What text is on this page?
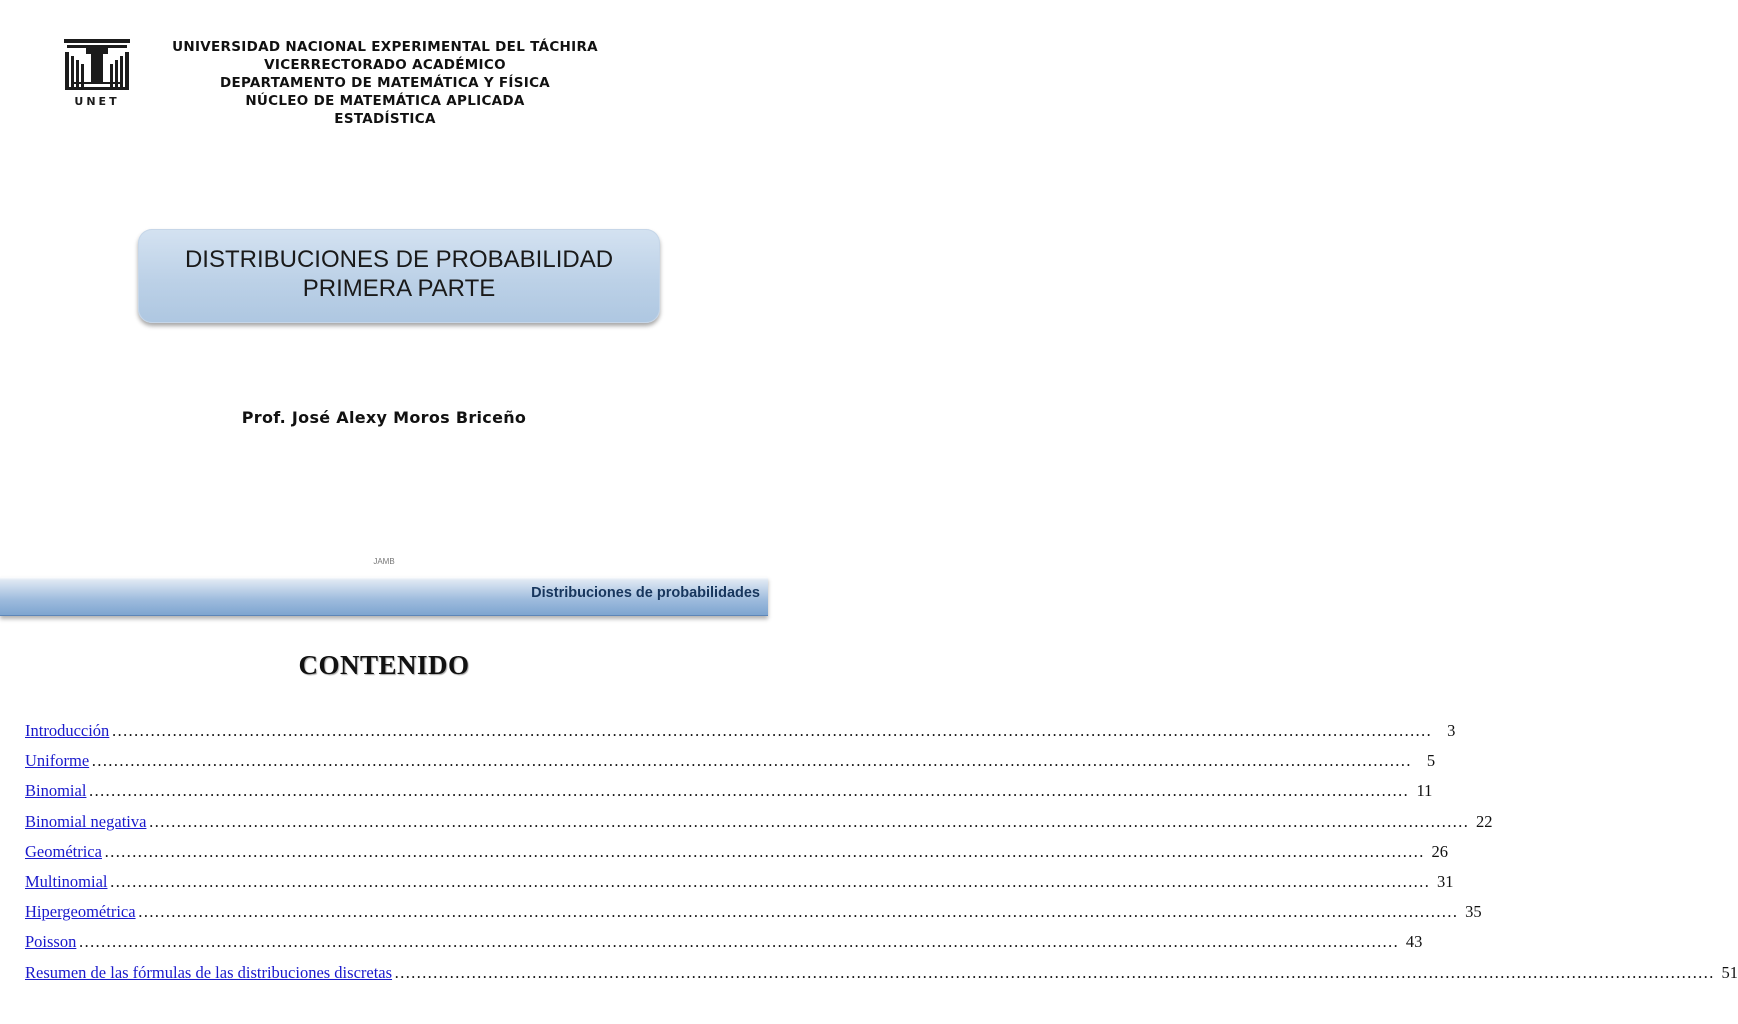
UNET
UNIVERSIDAD NACIONAL EXPERIMENTAL DEL TÁCHIRA
VICERRECTORADO ACADÉMICO
DEPARTAMENTO DE MATEMÁTICA Y FÍSICA
NÚCLEO DE MATEMÁTICA APLICADA
ESTADÍSTICA
DISTRIBUCIONES DE PROBABILIDAD
PRIMERA PARTE
Prof. José Alexy Moros Briceño
JAMB
Distribuciones de probabilidades
CONTENIDO
Introducción …………………………………………………………………………………………………………………………………………………………………………………………………………………… 3
Uniforme …………………………………………………………………………………………………………………………………………………………………………………………………………………… 5
Binomial …………………………………………………………………………………………………………………………………………………………………………………………………………………… 11
Binomial negativa …………………………………………………………………………………………………………………………………………………………………………………………………………………… 22
Geométrica …………………………………………………………………………………………………………………………………………………………………………………………………………………… 26
Multinomial …………………………………………………………………………………………………………………………………………………………………………………………………………………… 31
Hipergeométrica …………………………………………………………………………………………………………………………………………………………………………………………………………………… 35
Poisson …………………………………………………………………………………………………………………………………………………………………………………………………………………… 43
Resumen de las fórmulas de las distribuciones discretas …………………………………………………………………………………………………………………………………………………………………………………………………………………… 51
